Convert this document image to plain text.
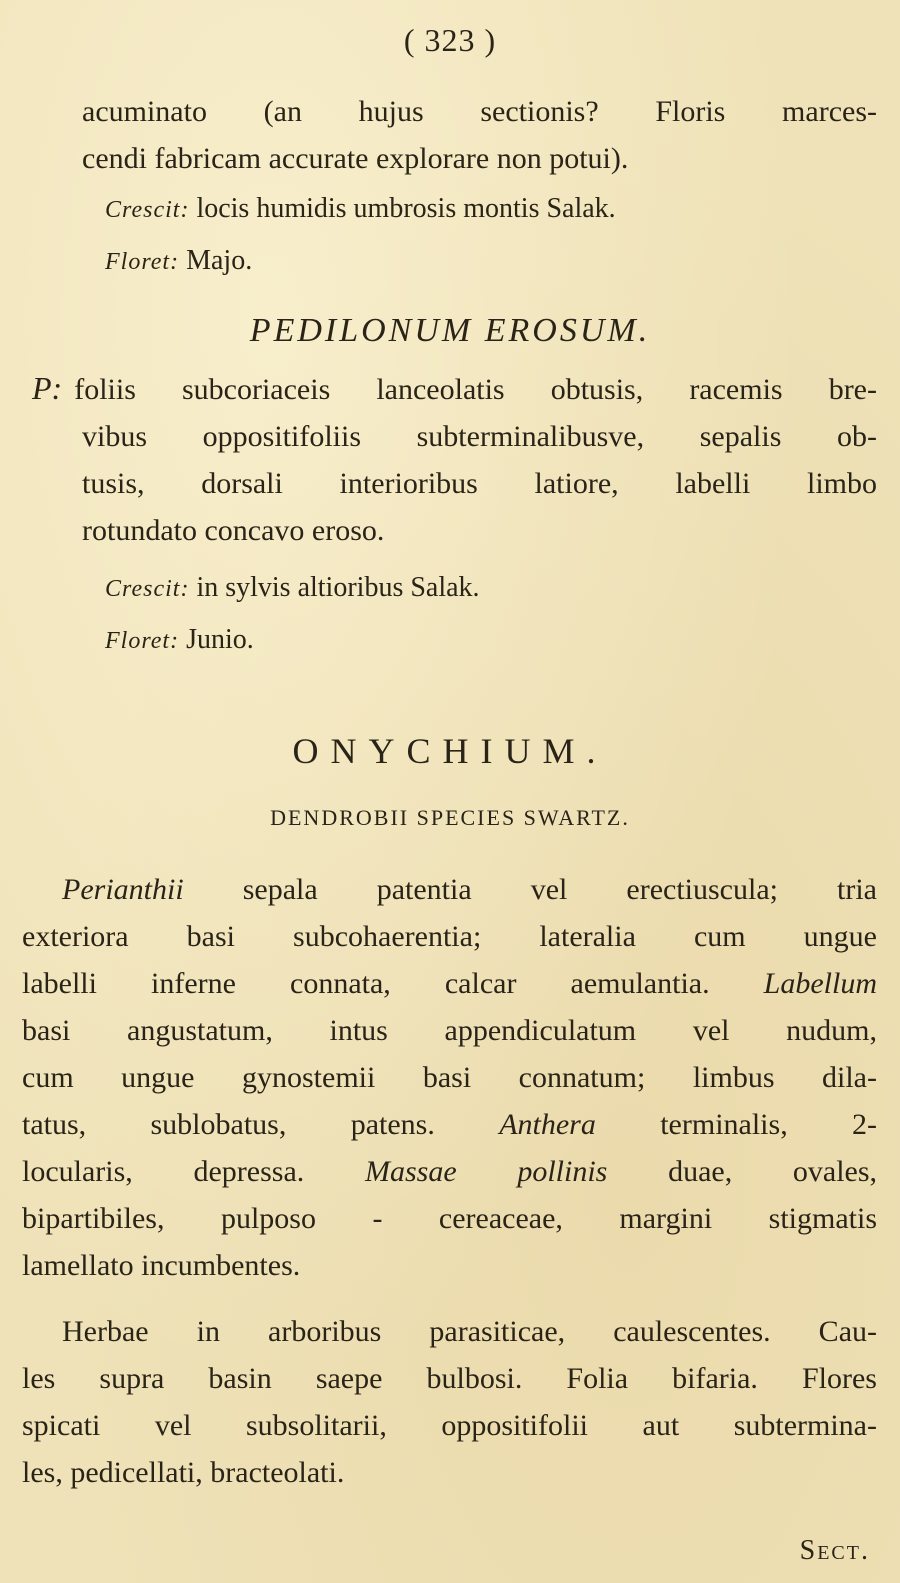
( 323 )
acuminato (an hujus sectionis? Floris marces-
cendi fabricam accurate explorare non potui).
Crescit: locis humidis umbrosis montis Salak.
Floret: Majo.
PEDILONUM EROSUM.
P: foliis subcoriaceis lanceolatis obtusis, racemis bre-
vibus oppositifoliis subterminalibusve, sepalis ob-
tusis, dorsali interioribus latiore, labelli limbo
rotundato concavo eroso.
Crescit: in sylvis altioribus Salak.
Floret: Junio.
ONYCHIUM.
DENDROBII SPECIES SWARTZ.
Perianthii sepala patentia vel erectiuscula; tria
exteriora basi subcohaerentia; lateralia cum ungue
labelli inferne connata, calcar aemulantia. Labellum
basi angustatum, intus appendiculatum vel nudum,
cum ungue gynostemii basi connatum; limbus dila-
tatus, sublobatus, patens. Anthera terminalis, 2-
locularis, depressa. Massae pollinis duae, ovales,
bipartibiles, pulposo - cereaceae, margini stigmatis
lamellato incumbentes.
Herbae in arboribus parasiticae, caulescentes. Cau-
les supra basin saepe bulbosi. Folia bifaria. Flores
spicati vel subsolitarii, oppositifolii aut subtermina-
les, pedicellati, bracteolati.
Sect.
